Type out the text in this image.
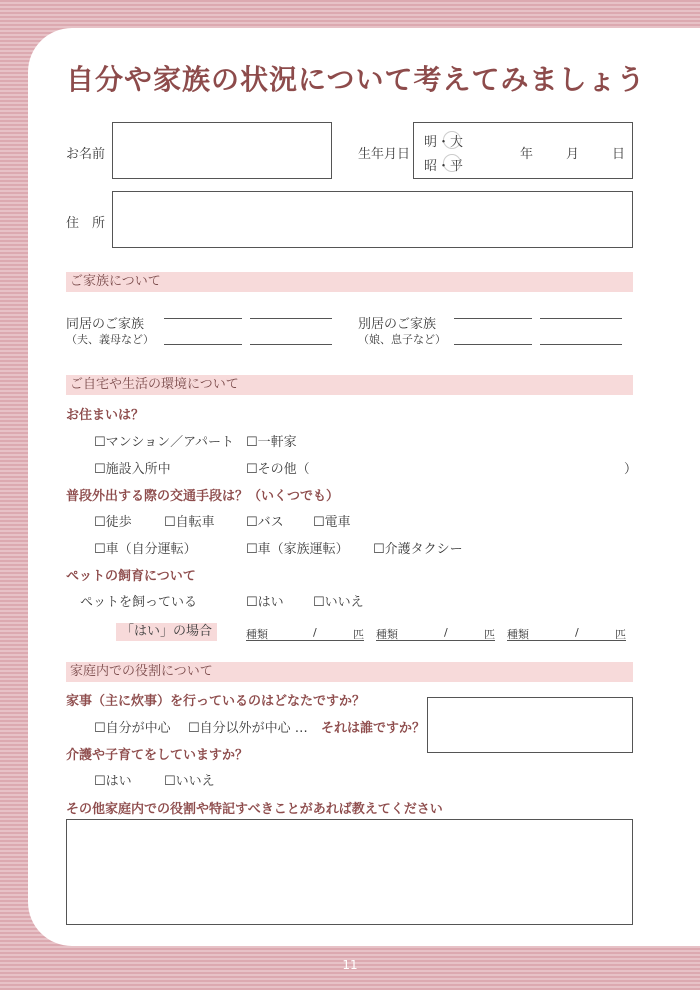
自分や家族の状況について考えてみましょう
お名前	生年月日
明・大
昭・平
年	月	日
住　所
ご家族について
同居のご家族
（夫、義母など）
別居のご家族
（娘、息子など）
ご自宅や生活の環境について
お住まいは？
☐マンション／アパート ☐一軒家
☐施設入所中	☐その他（	）
普段外出する際の交通手段は？（いくつでも）
☐徒歩 ☐自転車 ☐バス ☐電車
☐車（自分運転）	☐車（家族運転） ☐介護タクシー
ペットの飼育について
ペットを飼っている	☐はい ☐いいえ
「はい」の場合	種類	/	匹 種類	/	匹 種類	/	匹
家庭内での役割について
家事（主に炊事）を行っているのはどなたですか？
☐自分が中心 ☐自分以外が中心 … それは誰ですか？
介護や子育てをしていますか？
☐はい ☐いいえ
その他家庭内での役割や特記すべきことがあれば教えてください
11
